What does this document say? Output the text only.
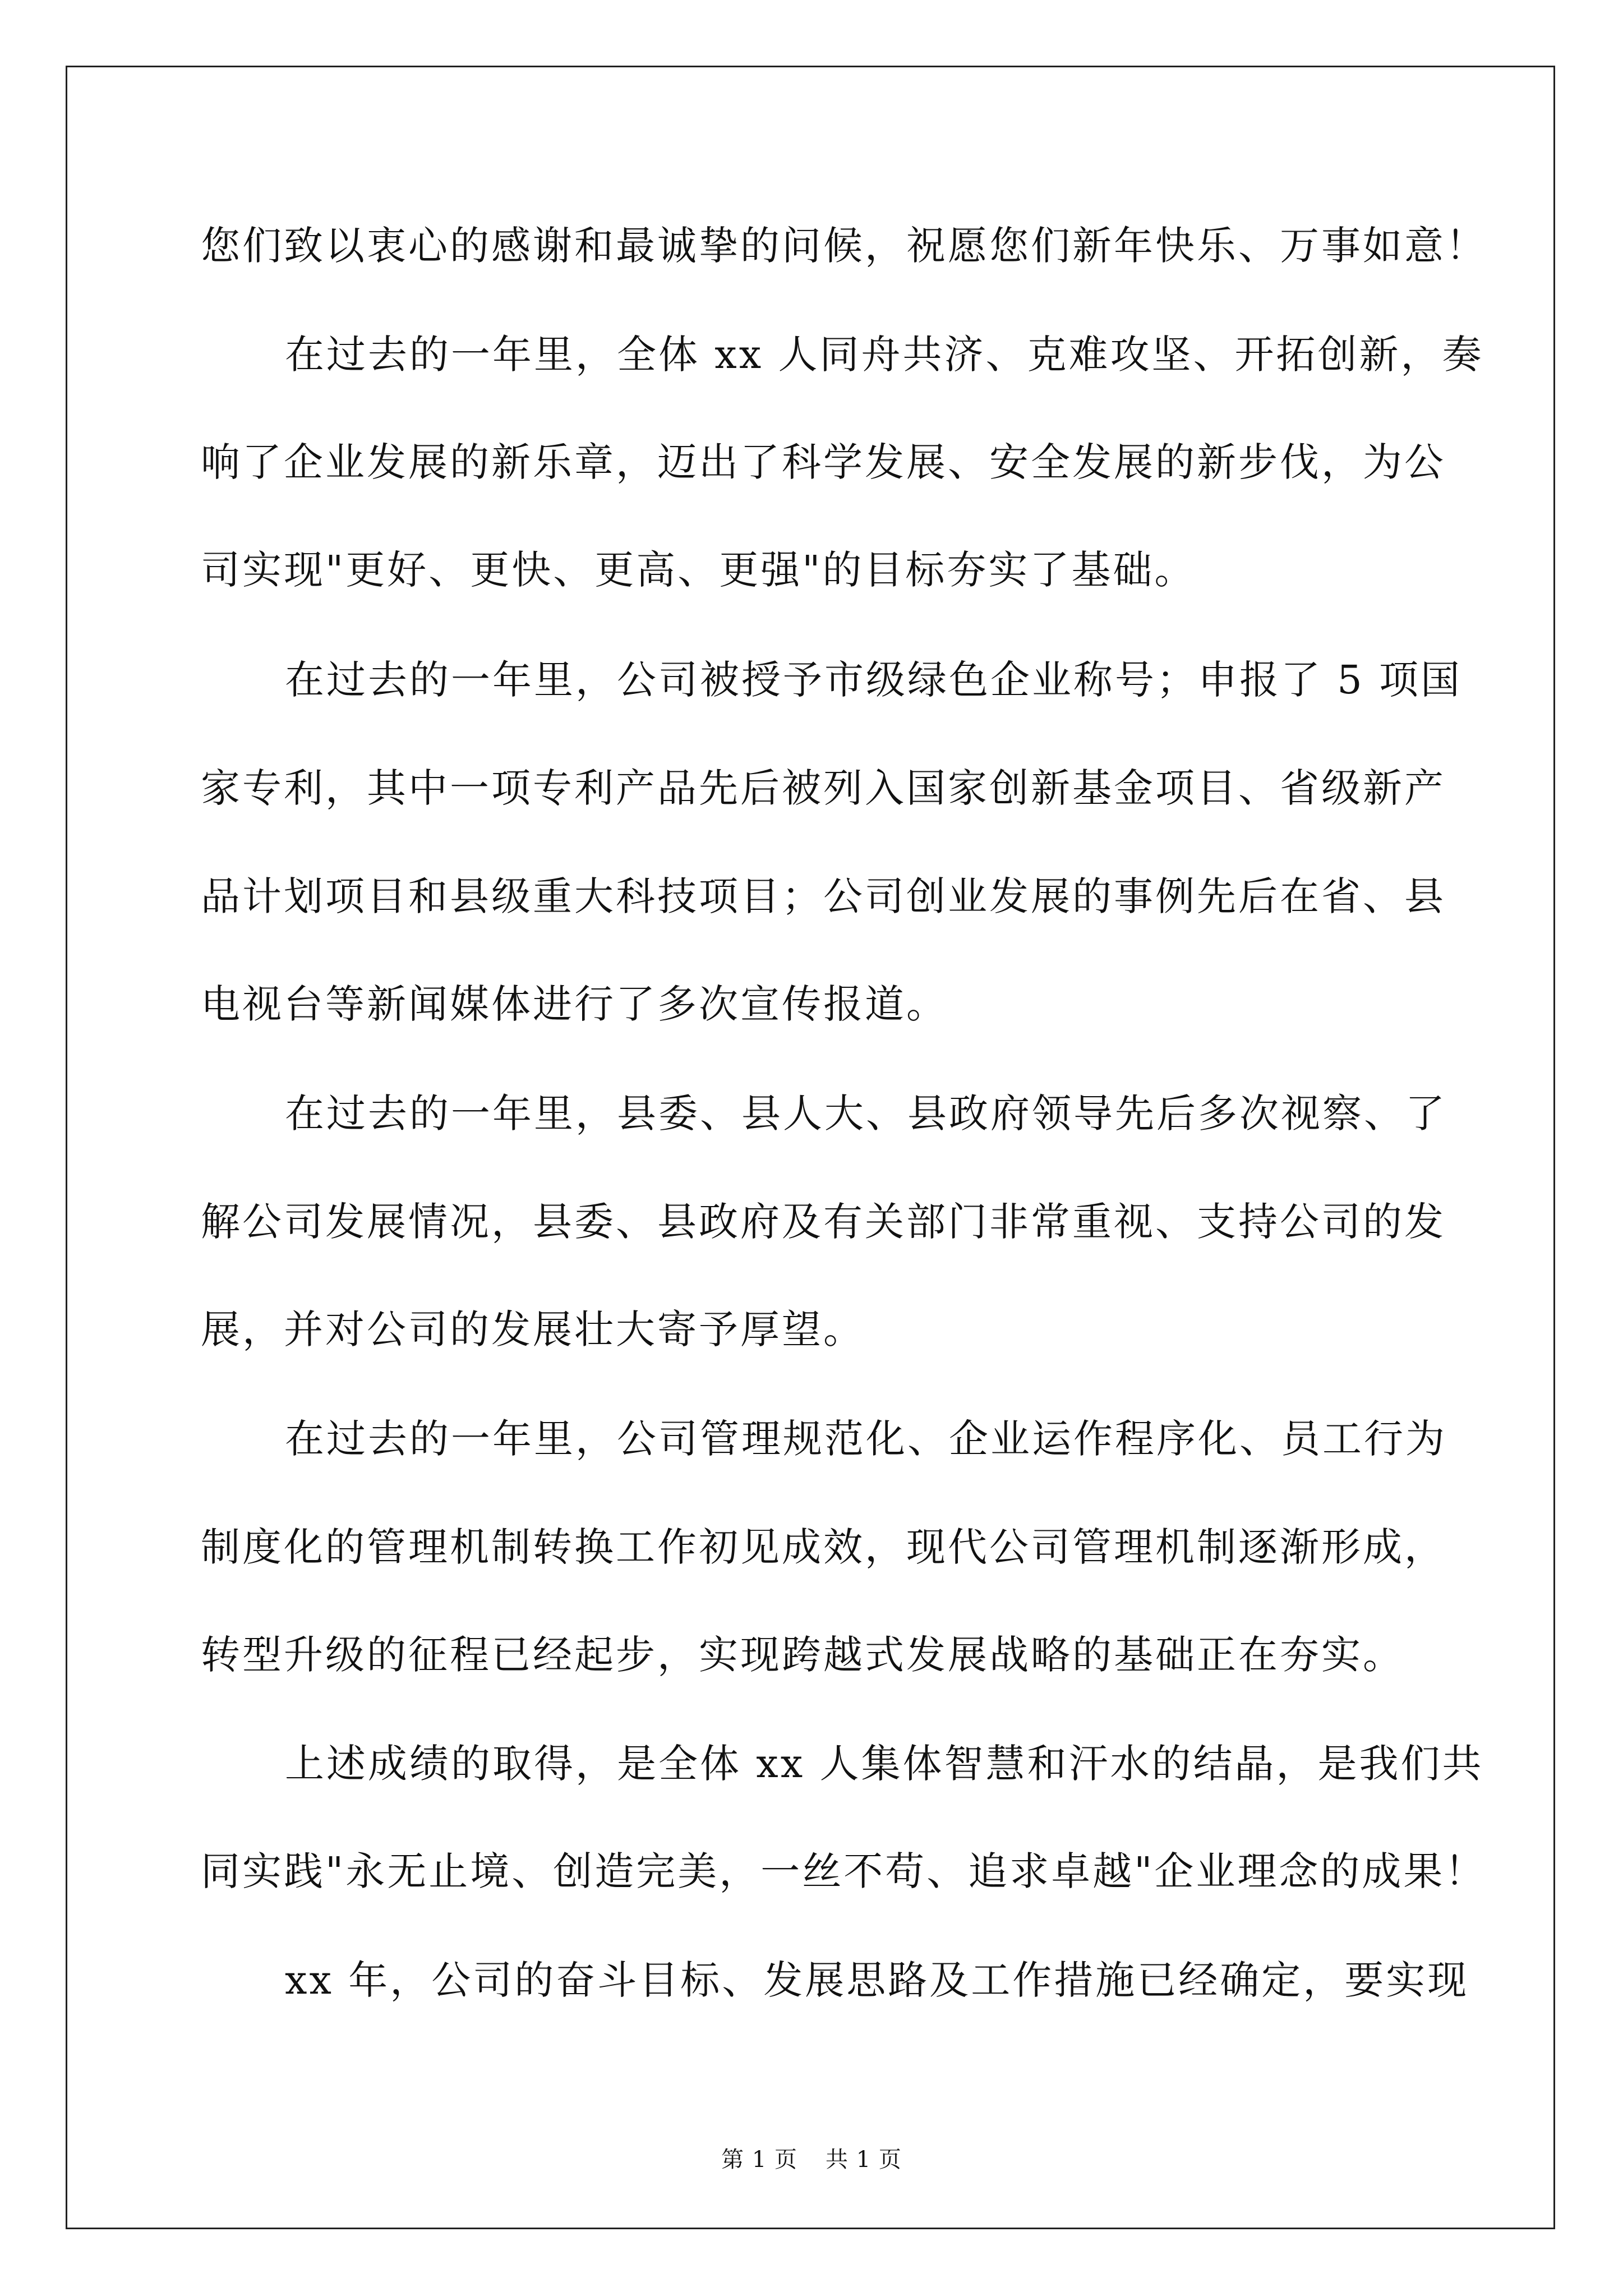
您们致以衷心的感谢和最诚挚的问候，祝愿您们新年快乐、万事如意！
在过去的一年里，全体 xx 人同舟共济、克难攻坚、开拓创新，奏
响了企业发展的新乐章，迈出了科学发展、安全发展的新步伐，为公
司实现"更好、更快、更高、更强"的目标夯实了基础。
在过去的一年里，公司被授予市级绿色企业称号；申报了 5 项国
家专利，其中一项专利产品先后被列入国家创新基金项目、省级新产
品计划项目和县级重大科技项目；公司创业发展的事例先后在省、县
电视台等新闻媒体进行了多次宣传报道。
在过去的一年里，县委、县人大、县政府领导先后多次视察、了
解公司发展情况，县委、县政府及有关部门非常重视、支持公司的发
展，并对公司的发展壮大寄予厚望。
在过去的一年里，公司管理规范化、企业运作程序化、员工行为
制度化的管理机制转换工作初见成效，现代公司管理机制逐渐形成，
转型升级的征程已经起步，实现跨越式发展战略的基础正在夯实。
上述成绩的取得，是全体 xx 人集体智慧和汗水的结晶，是我们共
同实践"永无止境、创造完美，一丝不苟、追求卓越"企业理念的成果！
xx 年，公司的奋斗目标、发展思路及工作措施已经确定，要实现
第 1 页 共 1 页
